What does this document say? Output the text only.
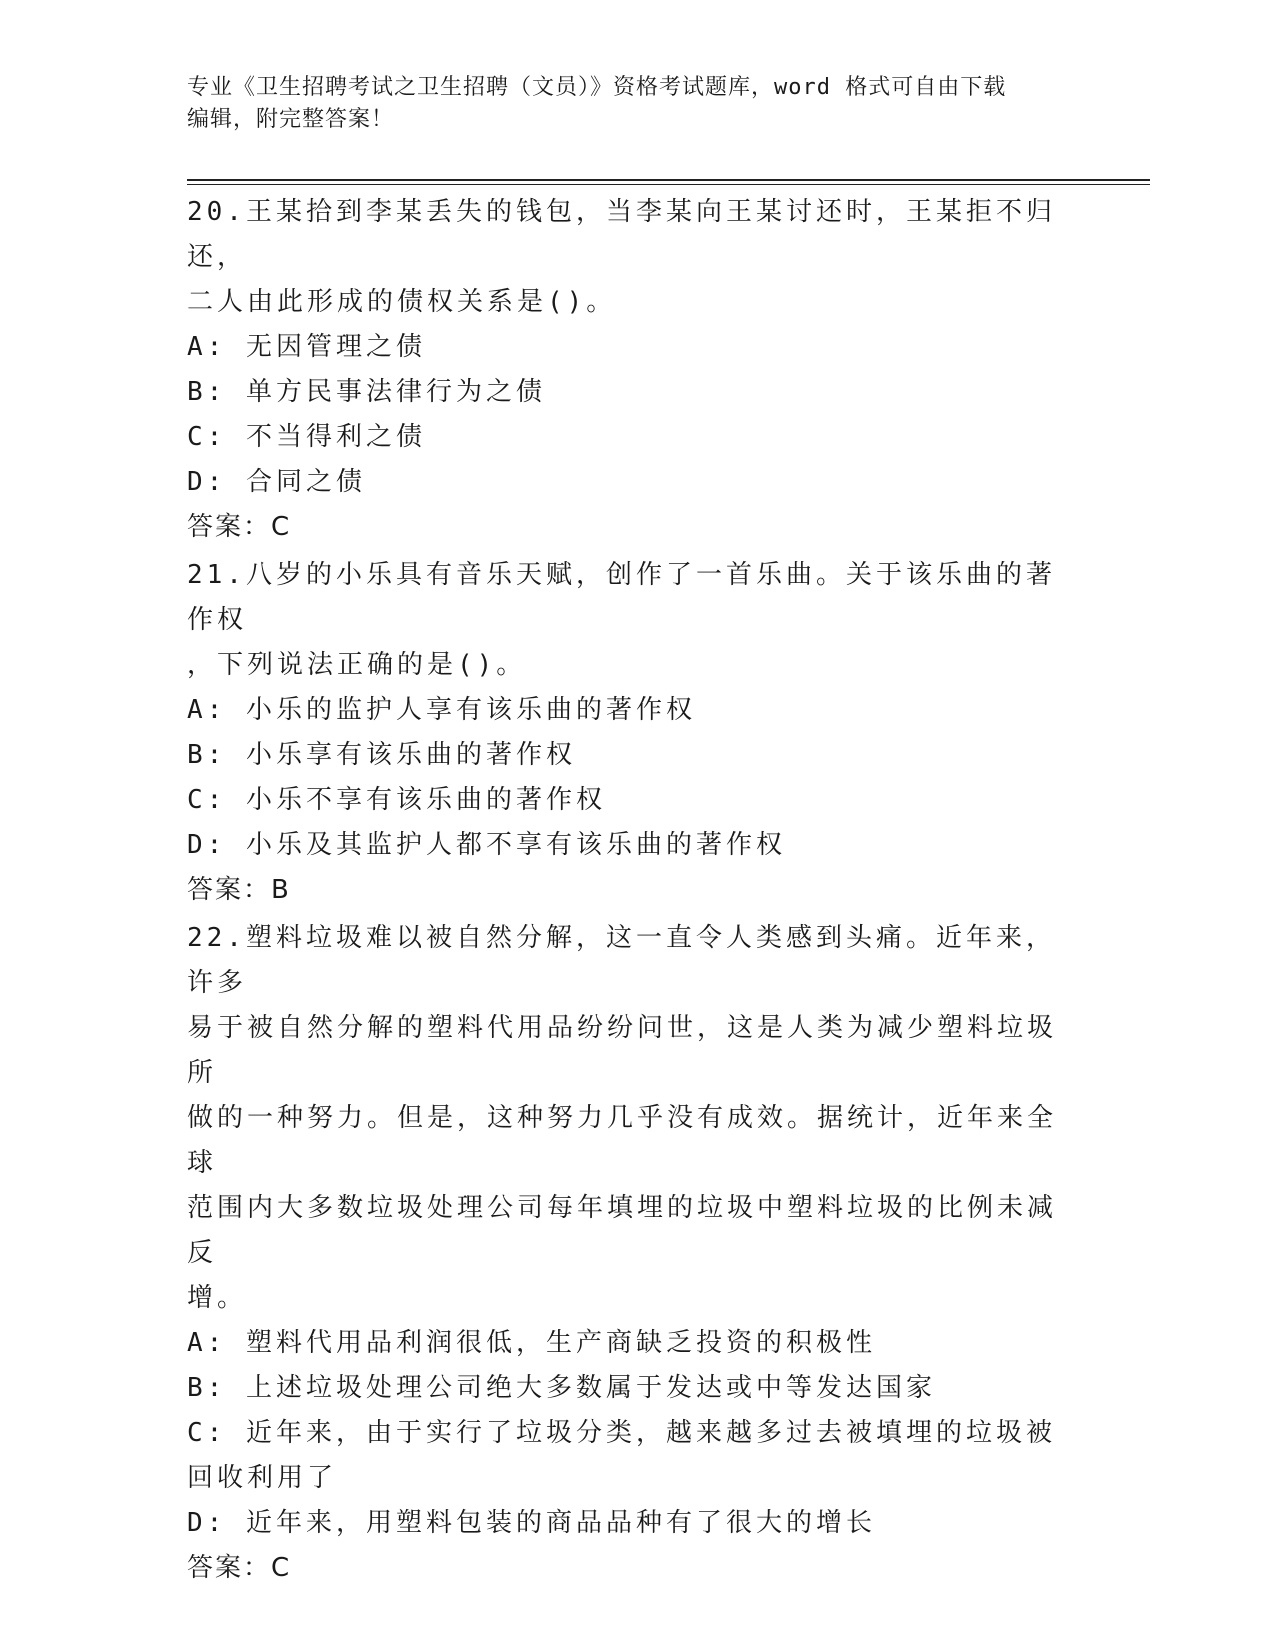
专业《卫生招聘考试之卫生招聘（文员）》资格考试题库，word 格式可自由下载

编辑，附完整答案！

20.王某拾到李某丢失的钱包，当李某向王某讨还时，王某拒不归还，
二人由此形成的债权关系是()。

A: 无因管理之债
B: 单方民事法律行为之债
C: 不当得利之债
D: 合同之债
答案：C

21.八岁的小乐具有音乐天赋，创作了一首乐曲。关于该乐曲的著作权
，下列说法正确的是()。

A: 小乐的监护人享有该乐曲的著作权
B: 小乐享有该乐曲的著作权
C: 小乐不享有该乐曲的著作权
D: 小乐及其监护人都不享有该乐曲的著作权
答案：B

22.塑料垃圾难以被自然分解，这一直令人类感到头痛。近年来，许多
易于被自然分解的塑料代用品纷纷问世，这是人类为减少塑料垃圾所
做的一种努力。但是，这种努力几乎没有成效。据统计，近年来全球
范围内大多数垃圾处理公司每年填埋的垃圾中塑料垃圾的比例未减反
增。

A: 塑料代用品利润很低，生产商缺乏投资的积极性
B: 上述垃圾处理公司绝大多数属于发达或中等发达国家
C: 近年来，由于实行了垃圾分类，越来越多过去被填埋的垃圾被回收利用了
D: 近年来，用塑料包装的商品品种有了很大的增长
答案：C
